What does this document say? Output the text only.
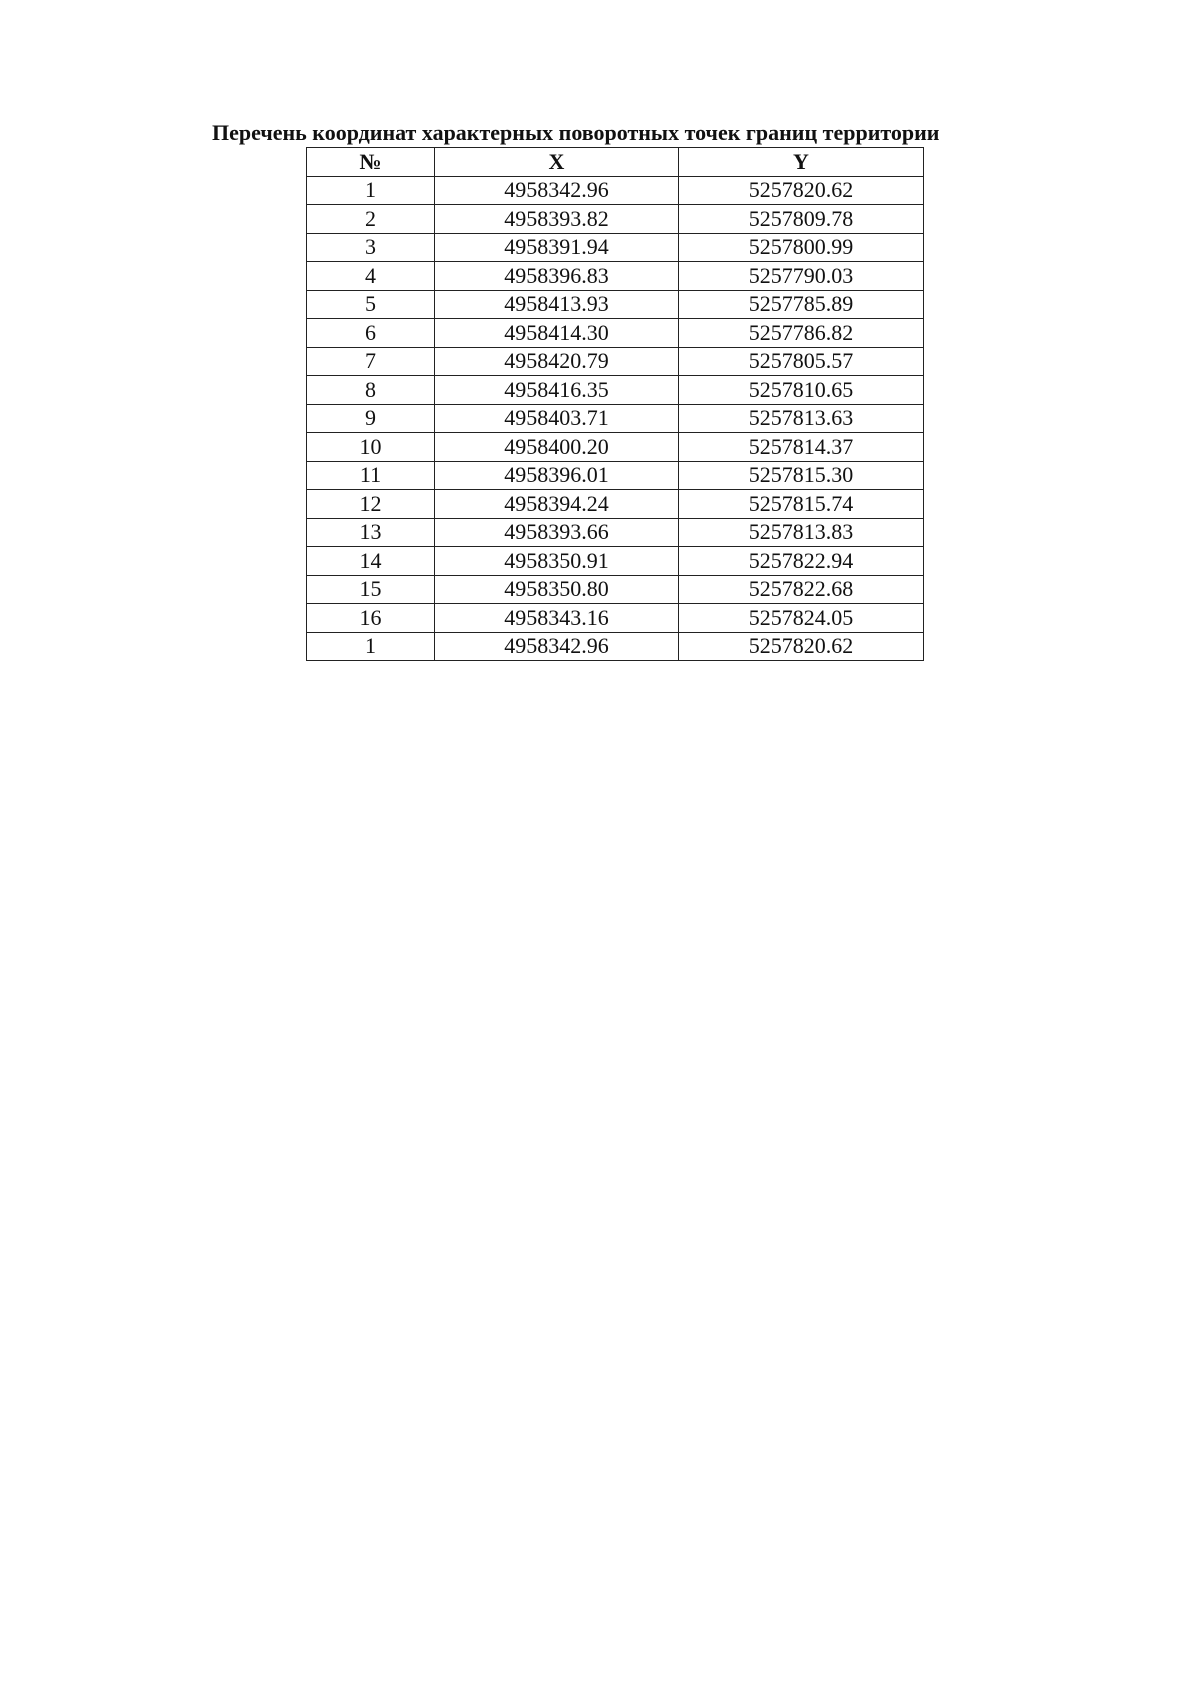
Перечень координат характерных поворотных точек границ территории
№	X	Y
1	4958342.96	5257820.62
2	4958393.82	5257809.78
3	4958391.94	5257800.99
4	4958396.83	5257790.03
5	4958413.93	5257785.89
6	4958414.30	5257786.82
7	4958420.79	5257805.57
8	4958416.35	5257810.65
9	4958403.71	5257813.63
10	4958400.20	5257814.37
11	4958396.01	5257815.30
12	4958394.24	5257815.74
13	4958393.66	5257813.83
14	4958350.91	5257822.94
15	4958350.80	5257822.68
16	4958343.16	5257824.05
1	4958342.96	5257820.62
